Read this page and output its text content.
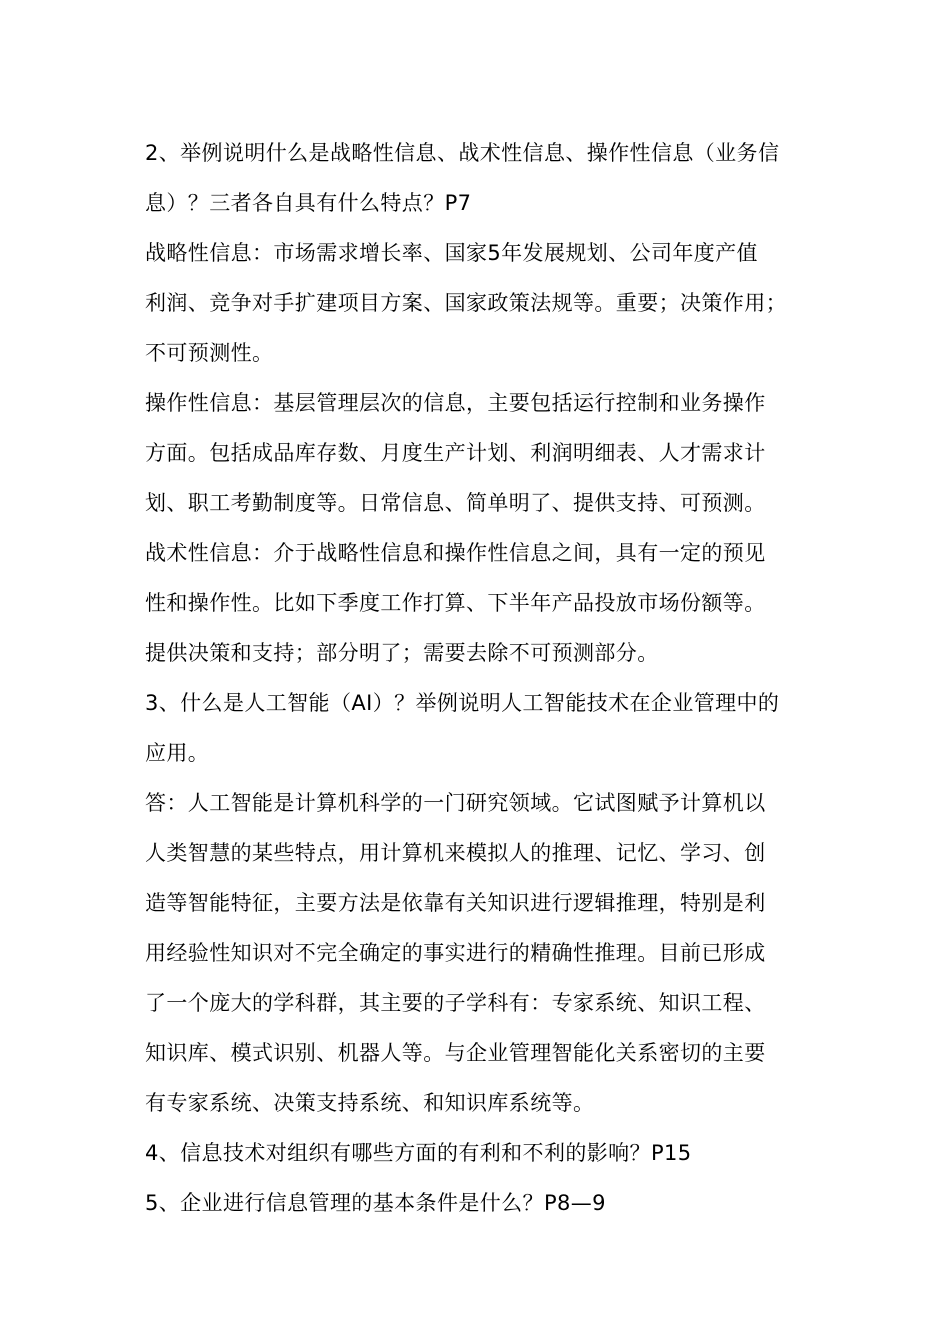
2、举例说明什么是战略性信息、战术性信息、操作性信息（业务信
息）？三者各自具有什么特点？P7
战略性信息：市场需求增长率、国家5年发展规划、公司年度产值
利润、竞争对手扩建项目方案、国家政策法规等。重要；决策作用；
不可预测性。
操作性信息：基层管理层次的信息，主要包括运行控制和业务操作
方面。包括成品库存数、月度生产计划、利润明细表、人才需求计
划、职工考勤制度等。日常信息、简单明了、提供支持、可预测。
战术性信息：介于战略性信息和操作性信息之间，具有一定的预见
性和操作性。比如下季度工作打算、下半年产品投放市场份额等。
提供决策和支持；部分明了；需要去除不可预测部分。
3、什么是人工智能（AI）？举例说明人工智能技术在企业管理中的
应用。
答：人工智能是计算机科学的一门研究领域。它试图赋予计算机以
人类智慧的某些特点，用计算机来模拟人的推理、记忆、学习、创
造等智能特征，主要方法是依靠有关知识进行逻辑推理，特别是利
用经验性知识对不完全确定的事实进行的精确性推理。目前已形成
了一个庞大的学科群，其主要的子学科有：专家系统、知识工程、
知识库、模式识别、机器人等。与企业管理智能化关系密切的主要
有专家系统、决策支持系统、和知识库系统等。
4、信息技术对组织有哪些方面的有利和不利的影响？P15
5、企业进行信息管理的基本条件是什么？P8—9
